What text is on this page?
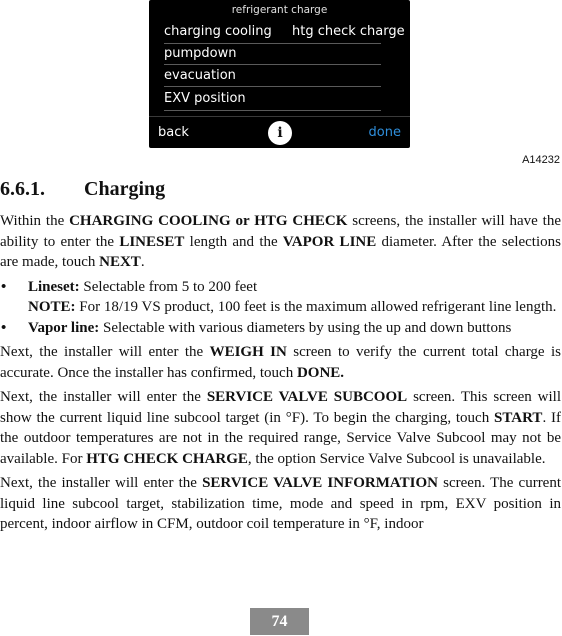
refrigerant charge
charging cooling htg check charge
pumpdown
evacuation
EXV position
back	i	done
A14232
6.6.1. Charging

Within the CHARGING COOLING or HTG CHECK screens, the installer will have the ability to enter the LINESET length and the VAPOR LINE diameter. After the selections are made, touch NEXT.

• Lineset: Selectable from 5 to 200 feet
NOTE: For 18/19 VS product, 100 feet is the maximum allowed refrigerant line length.
• Vapor line: Selectable with various diameters by using the up and down buttons

Next, the installer will enter the WEIGH IN screen to verify the current total charge is accurate. Once the installer has confirmed, touch DONE.

Next, the installer will enter the SERVICE VALVE SUBCOOL screen. This screen will show the current liquid line subcool target (in °F). To begin the charging, touch START. If the outdoor temperatures are not in the required range, Service Valve Subcool may not be available. For HTG CHECK CHARGE, the option Service Valve Subcool is unavailable.

Next, the installer will enter the SERVICE VALVE INFORMATION screen. The current liquid line subcool target, stabilization time, mode and speed in rpm, EXV position in percent, indoor airflow in CFM, outdoor coil temperature in °F, indoor

74
